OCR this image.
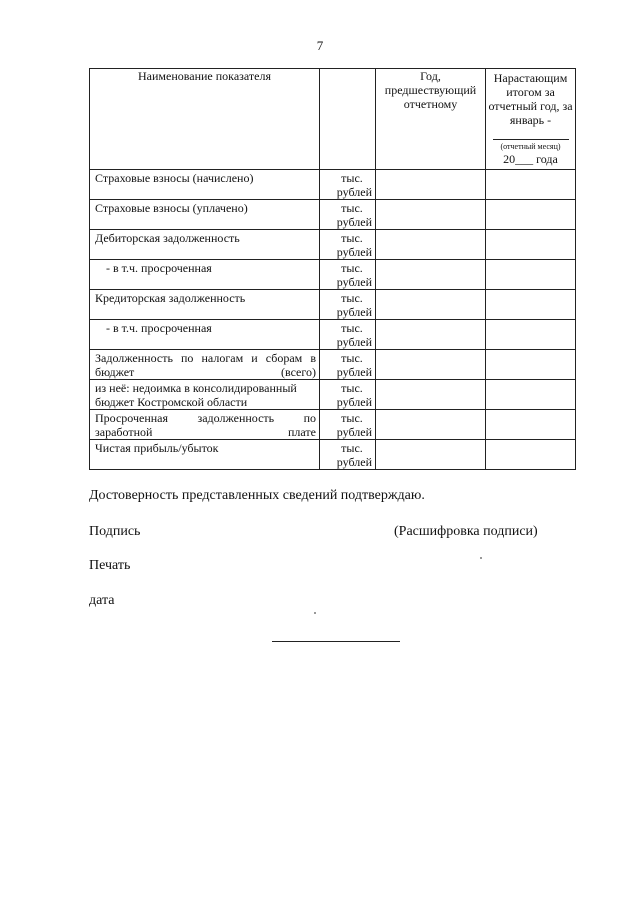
7
Наименование показателя		Год, предшествующий отчетному	Нарастающим итогом за отчетный год, за январь -
(отчетный месяц)
20___ года

Страховые взносы (начислено)	тыс.
рублей		

Страховые взносы (уплачено)	тыс.
рублей		

Дебиторская задолженность	тыс.
рублей		

- в т.ч. просроченная	тыс.
рублей		

Кредиторская задолженность	тыс.
рублей		

- в т.ч. просроченная	тыс.
рублей		

Задолженность по налогам и сборам в бюджет (всего)	тыс.
рублей		

из неё: недоимка в консолидированный бюджет Костромской области	тыс.
рублей		

Просроченная задолженность по заработной плате	тыс.
рублей		

Чистая прибыль/убыток	тыс.
рублей		

Достоверность представленных сведений подтверждаю.
Подпись	(Расшифровка подписи)
Печать
дата
